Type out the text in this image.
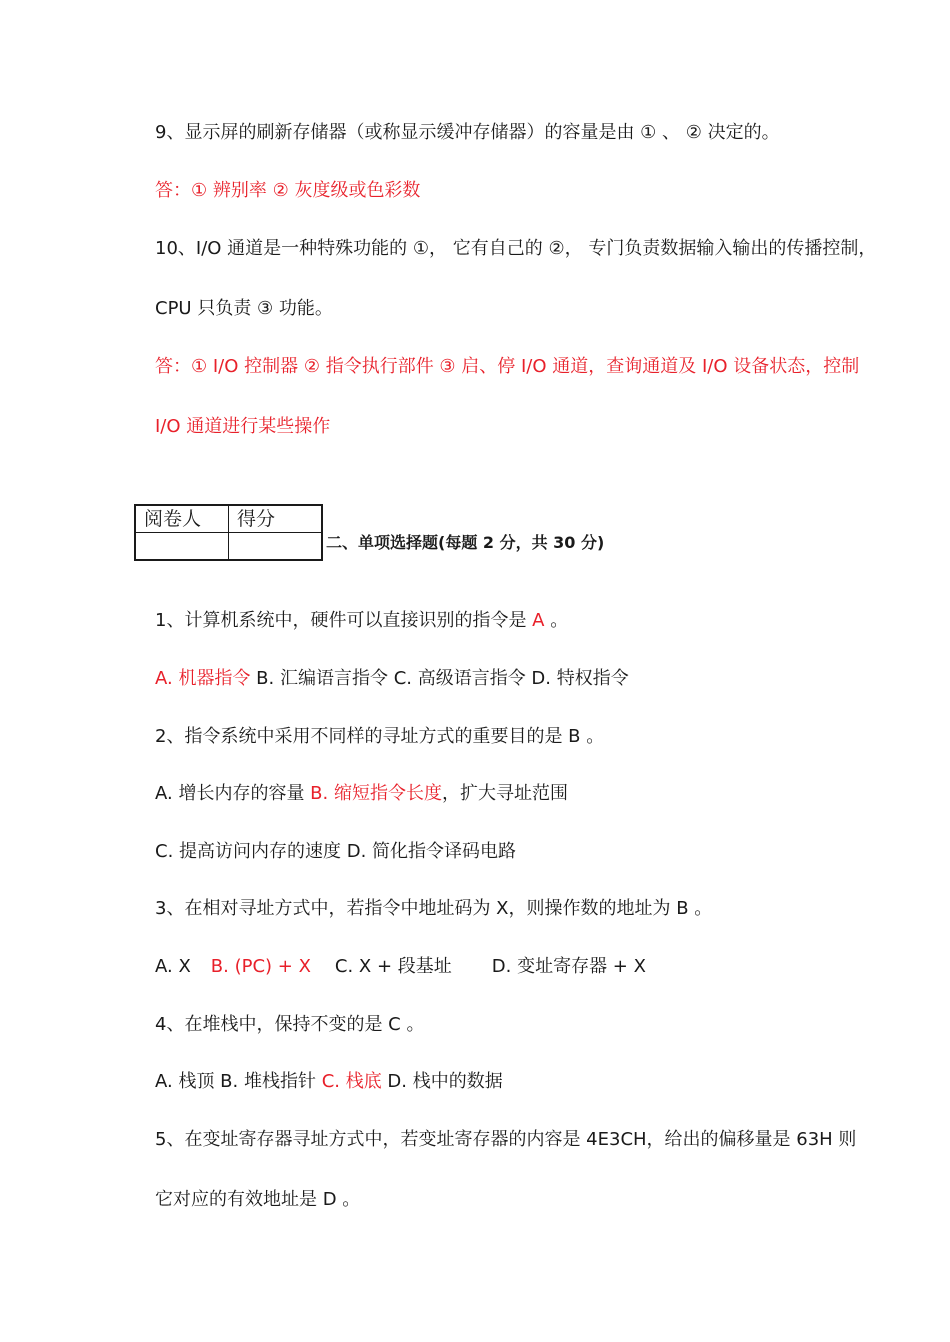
9、显示屏的刷新存储器（或称显示缓冲存储器）的容量是由 ① 、 ② 决定的。
答：① 辨别率 ② 灰度级或色彩数
10、I/O 通道是一种特殊功能的 ①， 它有自己的 ②， 专门负责数据输入输出的传播控制，
CPU 只负责 ③ 功能。
答：① I/O 控制器 ② 指令执行部件 ③ 启、停 I/O 通道，查询通道及 I/O 设备状态，控制
I/O 通道进行某些操作
阅卷人	得分

二、单项选择题(每题 2 分，共 30 分)
1、计算机系统中，硬件可以直接识别的指令是 A 。
A. 机器指令 B. 汇编语言指令 C. 高级语言指令 D. 特权指令
2、指令系统中采用不同样的寻址方式的重要目的是 B 。
A. 增长内存的容量 B. 缩短指令长度，扩大寻址范围
C. 提高访问内存的速度 D. 简化指令译码电路
3、在相对寻址方式中，若指令中地址码为 X，则操作数的地址为 B 。
A. X B. (PC) + X C. X + 段基址 D. 变址寄存器 + X
4、在堆栈中，保持不变的是 C 。
A. 栈顶 B. 堆栈指针 C. 栈底 D. 栈中的数据
5、在变址寄存器寻址方式中，若变址寄存器的内容是 4E3CH，给出的偏移量是 63H 则
它对应的有效地址是 D 。
